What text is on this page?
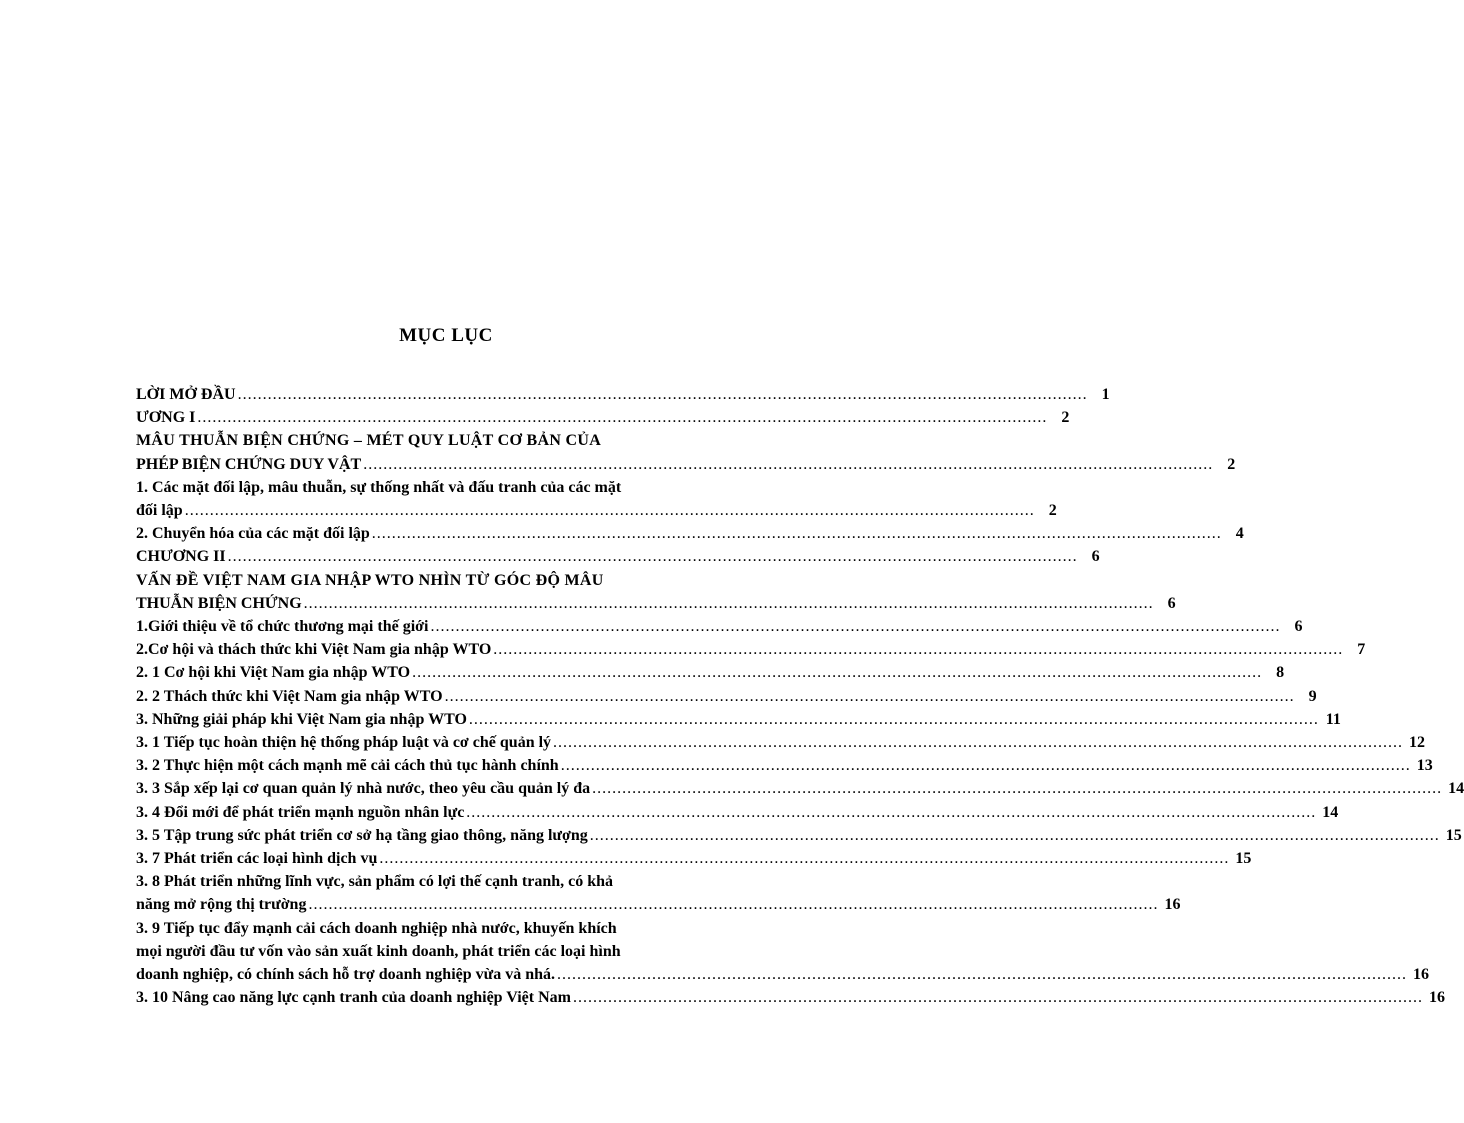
MỤC LỤC
LỜI MỞ ĐẦU .....	1
ƯƠNG I .....	2
MÂU THUẪN BIỆN CHỨNG – MÉT QUY LUẬT CƠ BẢN CỦA
PHÉP BIỆN CHỨNG DUY VẬT .....	2
1. Các mặt đối lập, mâu thuẫn, sự thống nhất và đấu tranh của các mặt
đối lập .....	2
2. Chuyển hóa của các mặt đối lập .....	4
CHƯƠNG II .....	6
VẤN ĐỀ VIỆT NAM GIA NHẬP WTO NHÌN TỪ GÓC ĐỘ MÂU
THUẪN BIỆN CHỨNG .....	6
1.Giới thiệu về tổ chức thương mại thế giới .....	6
2.Cơ hội và thách thức khi Việt Nam gia nhập WTO .....	7
2. 1 Cơ hội khi Việt Nam gia nhập WTO .....	8
2. 2 Thách thức khi Việt Nam gia nhập WTO .....	9
3. Những giải pháp khi Việt Nam gia nhập WTO .....	11
3. 1 Tiếp tục hoàn thiện hệ thống pháp luật và cơ chế quản lý .....	12
3. 2 Thực hiện một cách mạnh mẽ cải cách thủ tục hành chính .....	13
3. 3 Sắp xếp lại cơ quan quản lý nhà nước, theo yêu cầu quản lý đa .....	14
3. 4 Đổi mới để phát triển mạnh nguồn nhân lực .....	14
3. 5 Tập trung sức phát triển cơ sở hạ tầng giao thông, năng lượng .....	15
3. 7 Phát triển các loại hình dịch vụ .....	15
3. 8 Phát triển những lĩnh vực, sản phẩm có lợi thế cạnh tranh, có khả
năng mở rộng thị trường .....	16
3. 9 Tiếp tục đẩy mạnh cải cách doanh nghiệp nhà nước, khuyến khích
mọi người đầu tư vốn vào sản xuất kinh doanh, phát triển các loại hình
doanh nghiệp, có chính sách hỗ trợ doanh nghiệp vừa và nhá. .....	16
3. 10 Nâng cao năng lực cạnh tranh của doanh nghiệp Việt Nam .....	16
